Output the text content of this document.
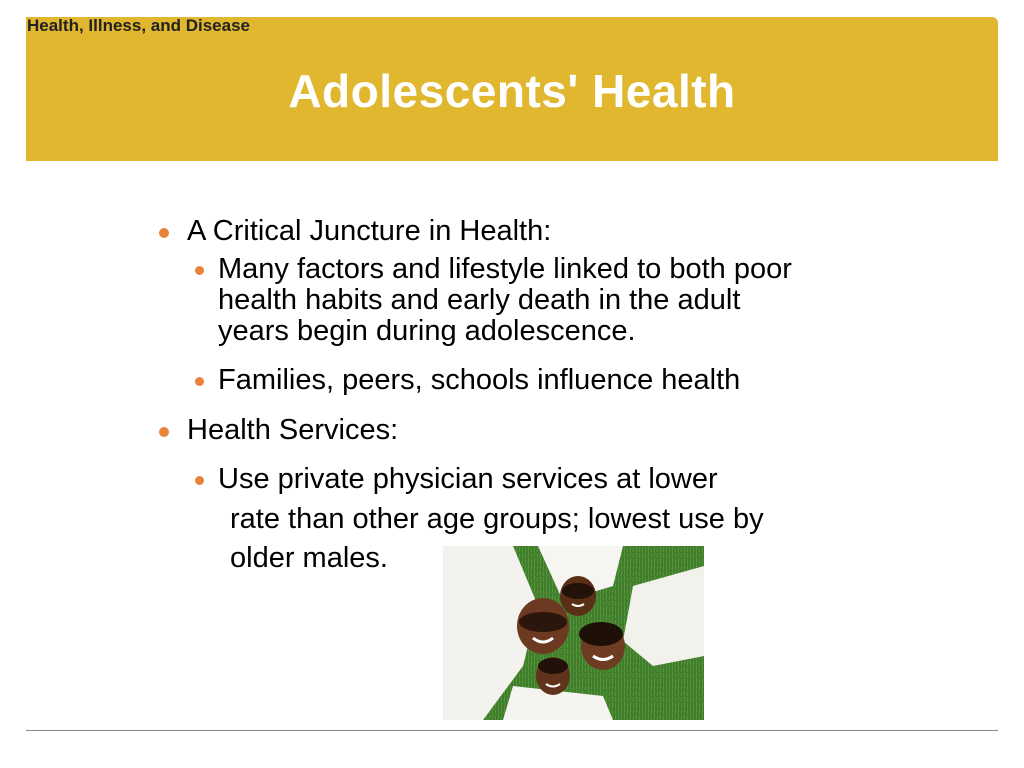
Health, Illness, and Disease
Adolescents' Health
A Critical Juncture in Health:
Many factors and lifestyle linked to both poor
health habits and early death in the adult
years begin during adolescence.
Families, peers, schools influence health
Health Services:
Use private physician services at lower
rate than other age groups; lowest use by
older males.
